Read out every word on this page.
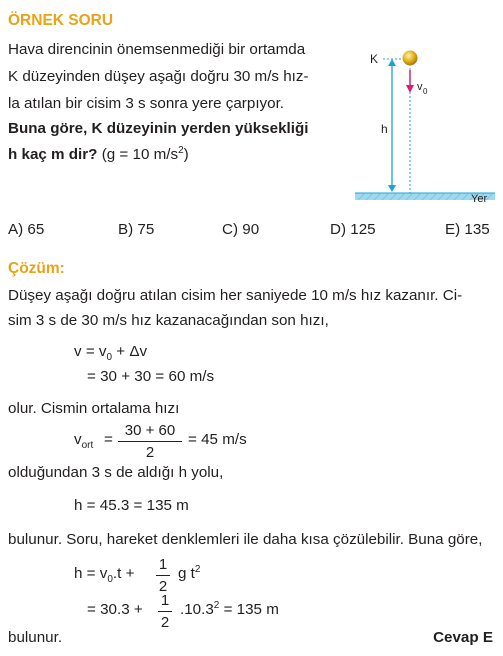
ÖRNEK SORU
Hava direncinin önemsenmediği bir ortamda
K düzeyinden düşey aşağı doğru 30 m/s hız-
la atılan bir cisim 3 s sonra yere çarpıyor.
Buna göre, K düzeyinin yerden yüksekliği
h kaç m dir? (g = 10 $m/s^2$)
K
h
v 0
Yer
A) 65	B) 75	C) 90	D) 125	E) 135
Çözüm:
Düşey aşağı doğru atılan cisim her saniyede 10 m/s hız kazanır. Ci-
sim 3 s de 30 m/s hız kazanacağından son hızı,
$v = v_0 + \Delta v$
= 30 + 30 = 60 m/s
olur. Cismin ortalama hızı
$v_{ort}$ =
30 + 60
2
= 45 m/s
olduğundan 3 s de aldığı h yolu,
h = 45.3 = 135 m
bulunur. Soru, hareket denklemleri ile daha kısa çözülebilir. Buna göre,
$h = v_0.t$ +
1
2
g $t^2$
= 30.3 +
1
2
$.10.3^2 = 135$ m
bulunur.	Cevap E
